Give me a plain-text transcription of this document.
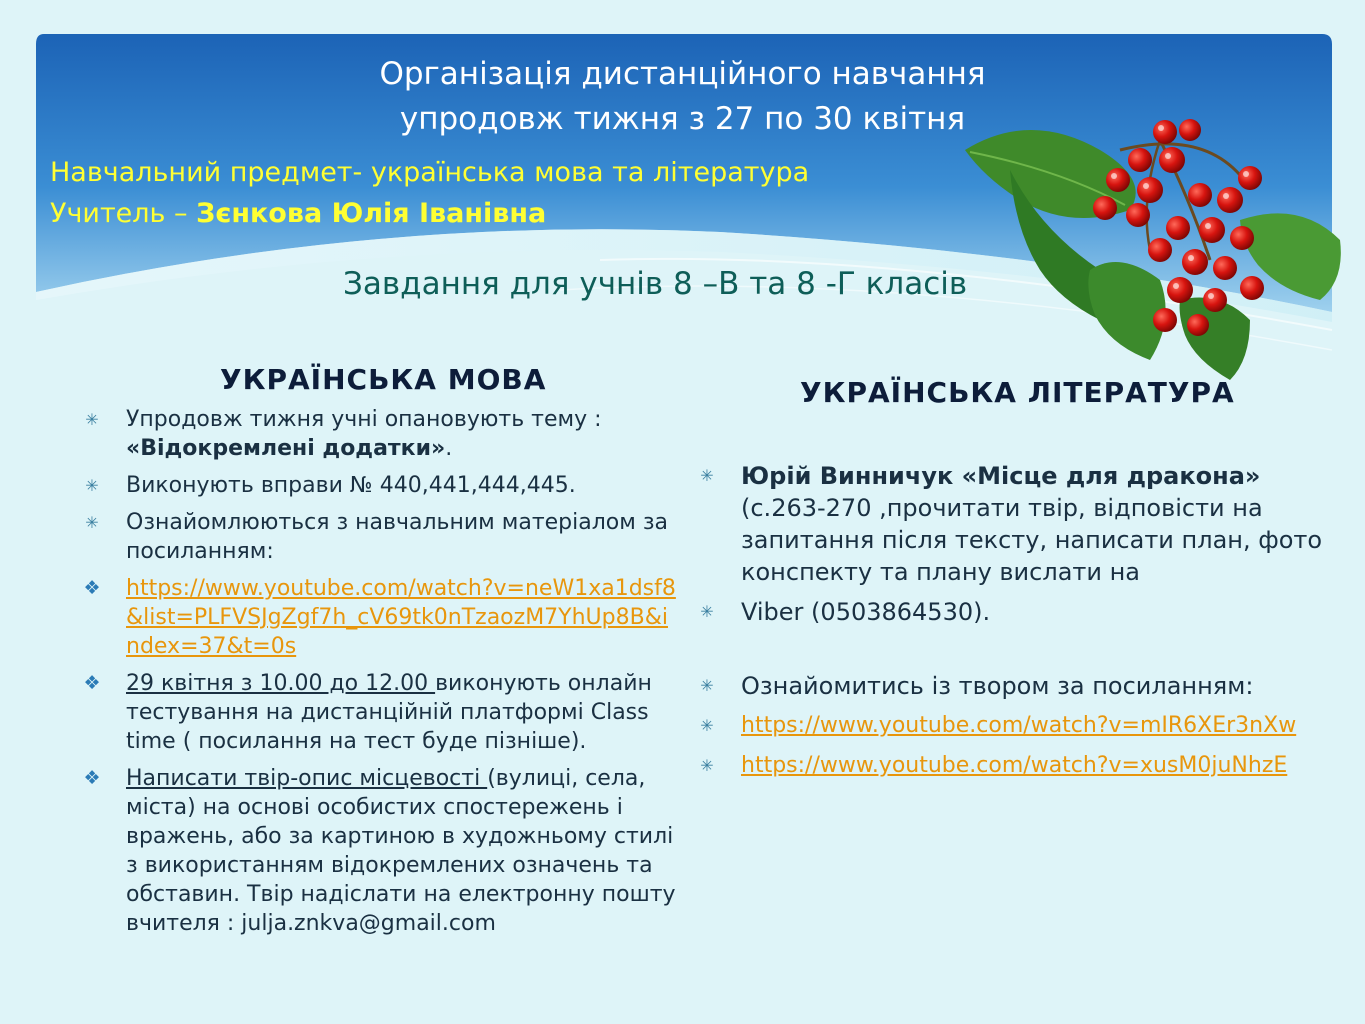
Організація дистанційного навчання
упродовж тижня з 27 по 30 квітня
Навчальний предмет- українська мова та література
Учитель – Зєнкова Юлія Іванівна
Завдання для учнів 8 –В та 8 -Г класів
УКРАЇНСЬКА МОВА	УКРАЇНСЬКА ЛІТЕРАТУРА
✳ Упродовж тижня учні опановують тему :
«Відокремлені додатки».
✳ Виконують вправи № 440,441,444,445.
✳ Ознайомлюються з навчальним матеріалом за посиланням:
❖ https://www.youtube.com/watch?v=neW1xa1dsf8&list=PLFVSJgZgf7h_cV69tk0nTzaozM7YhUp8B&index=37&t=0s
❖ 29 квітня з 10.00 до 12.00 виконують онлайн тестування на дистанційній платформі Class time ( посилання на тест буде пізніше).
❖ Написати твір-опис місцевості (вулиці, села, міста) на основі особистих спостережень і вражень, або за картиною в художньому стилі з використанням відокремлених означень та обставин. Твір надіслати на електронну пошту вчителя : julja.znkva@gmail.com
✳ Юрій Винничук «Місце для дракона»
(с.263-270 ,прочитати твір, відповісти на запитання після тексту, написати план, фото конспекту та плану вислати на
✳ Viber (0503864530).
✳ Ознайомитись із твором за посиланням:
✳ https://www.youtube.com/watch?v=mIR6XEr3nXw
✳ https://www.youtube.com/watch?v=xusM0juNhzE
